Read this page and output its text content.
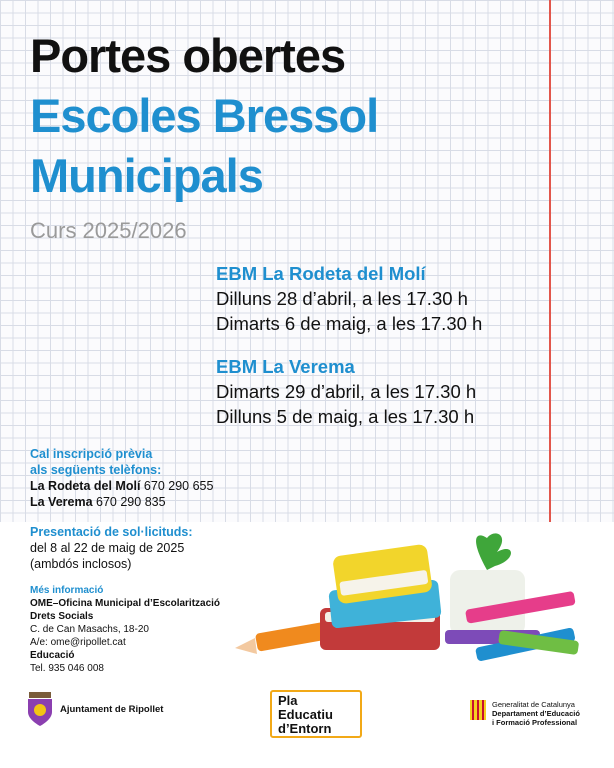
Portes obertes
Escoles Bressol
Municipals
Curs 2025/2026
EBM La Rodeta del Molí
Dilluns 28 d’abril, a les 17.30 h
Dimarts 6 de maig, a les 17.30 h
EBM La Verema
Dimarts 29 d’abril, a les 17.30 h
Dilluns 5 de maig, a les 17.30 h
Cal inscripció prèvia
als següents telèfons:
La Rodeta del Molí 670 290 655
La Verema 670 290 835
Presentació de sol·licituds:
del 8 al 22 de maig de 2025
(ambdós inclosos)
Més informació
OME–Oficina Municipal d’Escolarització
Drets Socials
C. de Can Masachs, 18-20
A/e: ome@ripollet.cat
Educació
Tel. 935 046 008
Ajuntament de Ripollet
Pla
Educatiu
d’Entorn
Generalitat de Catalunya
Departament d’Educació
i Formació Professional
